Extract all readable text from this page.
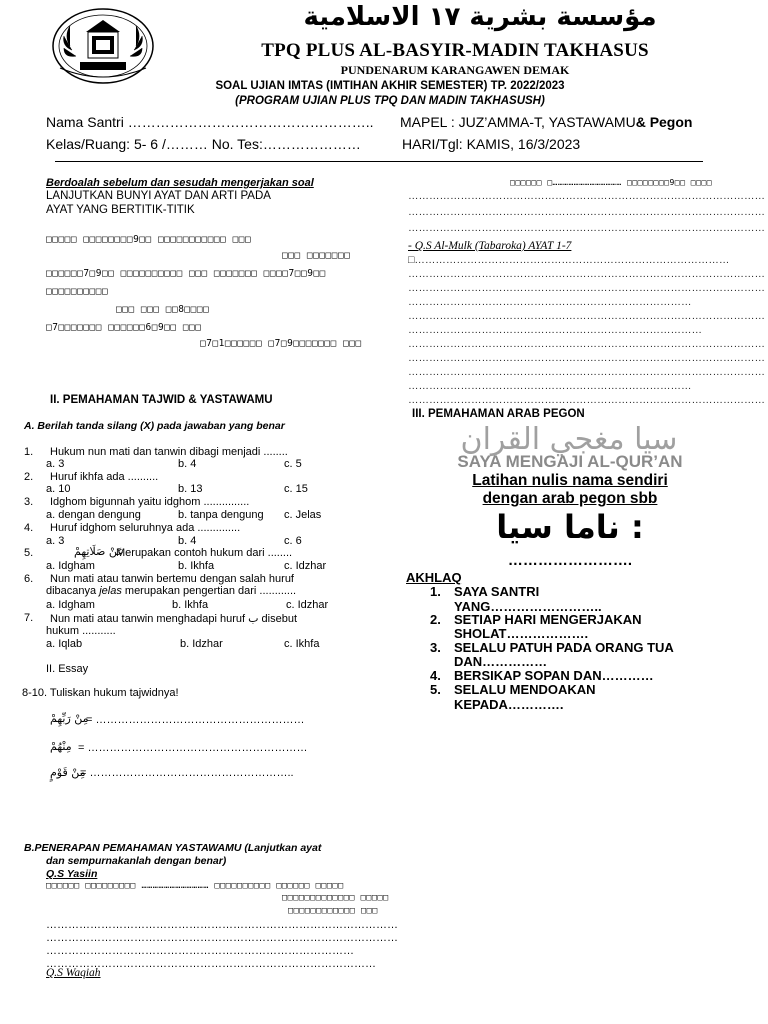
مؤسسة بشرية ١٧ الاسلامية
TPQ PLUS AL-BASYIR-MADIN TAKHASUS
PUNDENARUM KARANGAWEN DEMAK
SOAL UJIAN IMTAS (IMTIHAN AKHIR SEMESTER) TP. 2022/2023
(PROGRAM UJIAN PLUS TPQ DAN MADIN TAKHASUSH)
Nama Santri …………………………………………….. MAPEL : JUZ’AMMA-T, YASTAWAMU& Pegon
Kelas/Ruang: 5- 6 /……… No. Tes:…………………	HARI/Tgl: KAMIS, 16/3/2023
Berdoalah sebelum dan sesudah mengerjakan soal
LANJUTKAN BUNYI AYAT DAN ARTI PADA
AYAT YANG BERTITIK-TITIK
□□□□□ □□□□□□□□9□□ □□□□□□□□□□□ □□□
□□□ □□□□□□□
□□□□□□7□9□□ □□□□□□□□□□ □□□ □□□□□□□ □□□□7□□9□□
□□□□□□□□□□
□□□ □□□ □□8□□□□
□7□□□□□□□ □□□□□□6□9□□ □□□
□7□1□□□□□□ □7□9□□□□□□□ □□□
II. PEMAHAMAN TAJWID & YASTAWAMU
A. Berilah tanda silang (X) pada jawaban yang benar
1. Hukum nun mati dan tanwin dibagi menjadi ........
a. 3	b. 4	c. 5
2. Huruf ikhfa ada ..........
a. 10	b. 13	c. 15
3. Idghom bigunnah yaitu idghom ...............
a. dengan dengung	b. tanpa dengung c. Jelas
4. Huruf idghom seluruhnya ada ..............
a. 3	b. 4	c. 6
5.	عَنْ صَلَاتِهِمْ
Merupakan contoh hukum dari ........
a. Idgham	b. Ikhfa	c. Idzhar
6. Nun mati atau tanwin bertemu dengan salah huruf
dibacanya jelas merupakan pengertian dari ............
a. Idgham	b. Ikhfa	c. Idzhar
7. Nun mati atau tanwin menghadapi huruf ب disebut
hukum ...........
a. Iqlab	b. Idzhar	c. Ikhfa
II. Essay
8-10. Tuliskan hukum tajwidnya!
مِنْ رَبِّهِمْ
= …………………………………………………
مِنْهُمْ = ……………………………………………………
مِنْ قَوْمٍ
= ………………………………………………..
B.PENERAPAN PEMAHAMAN YASTAWAMU (Lanjutkan ayat
dan sempurnakanlah dengan benar)
Q.S Yasiin
□□□□□□ □□□□□□□□□ ……………………………… □□□□□□□□□□ □□□□□□ □□□□□
□□□□□□□□□□□□□ □□□□□
□□□□□□□□□□□□ □□□
……………………………………………………………………………………
……………………………………………………………………………………
…………………………………………………………………………
………………………………………………………………………………
Q.S Waqiah
□□□□□□ □………………………………… □□□□□□□□9□□ □□□□
…………………………………………………………………………………………
…………………………………………………………………………………………
…………………………………………………………………………………………
- Q.S Al-Mulk (Tabaroka) AYAT 1-7
□………………………………………………………………………………
…………………………………………………………………………………………
…………………………………………………………………………………………
………………………………………………………………………
…………………………………………………………………………………………
…………………………………………………………………………
…………………………………………………………………………………………
…………………………………………………………………………………………
…………………………………………………………………………………………
………………………………………………………………………
…………………………………………………………………………………………
III. PEMAHAMAN ARAB PEGON
سيا مغجي القران
SAYA MENGAJI AL-QUR’AN
Latihan nulis nama sendiri
dengan arab pegon sbb
: ناما سيا
…………………….
AKHLAQ
1. SAYA SANTRI
YANG……………………..
2. SETIAP HARI MENGERJAKAN
SHOLAT……………….
3. SELALU PATUH PADA ORANG TUA
DAN……………
4. BERSIKAP SOPAN DAN…………
5. SELALU MENDOAKAN
KEPADA………….
